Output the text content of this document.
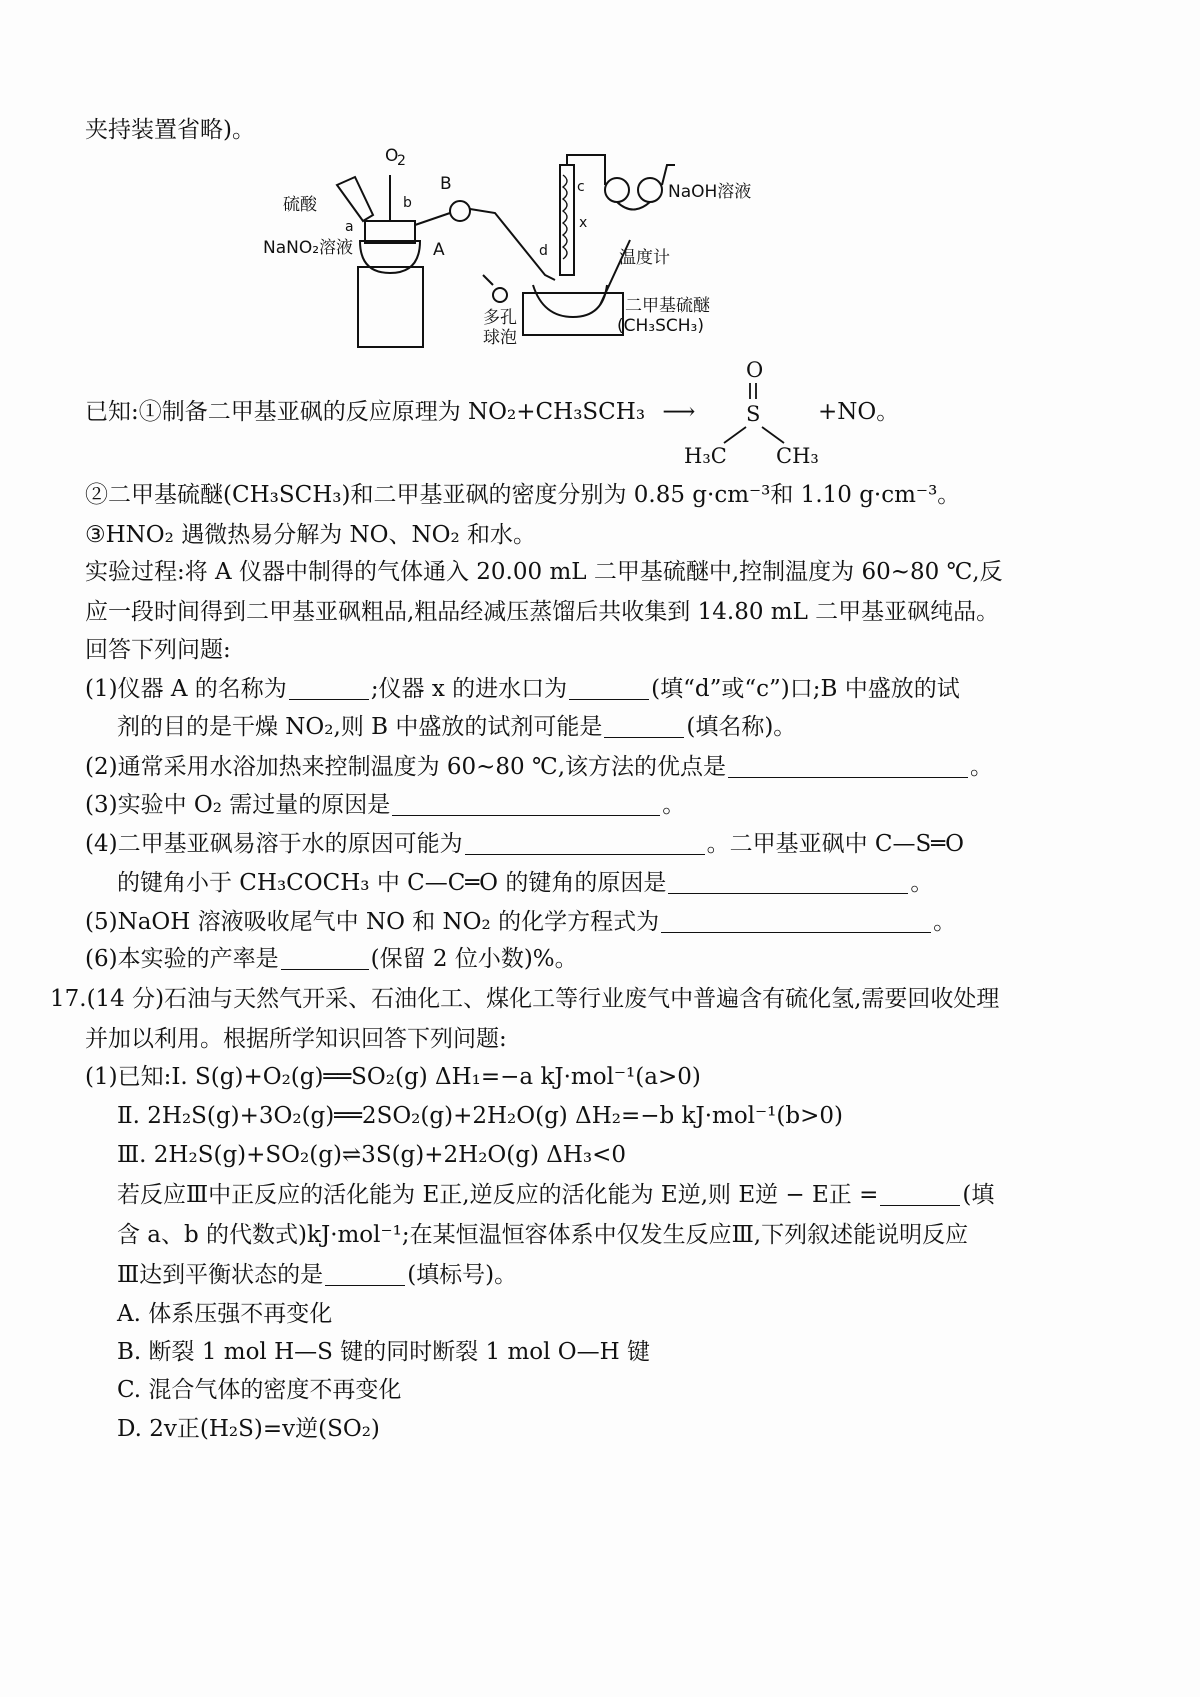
夹持装置省略)。
O
2
硫酸
a
b
A
B
NaNO₂溶液
c
x
d
NaOH溶液
温度计
多孔
球泡
二甲基硫醚
(CH₃SCH₃)
已知:①制备二甲基亚砜的反应原理为 NO₂+CH₃SCH₃ ⟶
O
S
H₃C CH₃
+NO。
②二甲基硫醚(CH₃SCH₃)和二甲基亚砜的密度分别为 0.85 g·cm⁻³和 1.10 g·cm⁻³。
③HNO₂ 遇微热易分解为 NO、NO₂ 和水。
实验过程:将 A 仪器中制得的气体通入 20.00 mL 二甲基硫醚中,控制温度为 60~80 ℃,反
应一段时间得到二甲基亚砜粗品,粗品经减压蒸馏后共收集到 14.80 mL 二甲基亚砜纯品。
回答下列问题:
(1)仪器 A 的名称为	;仪器 x 的进水口为	(填“d”或“c”)口;B 中盛放的试
剂的目的是干燥 NO₂,则 B 中盛放的试剂可能是	(填名称)。
(2)通常采用水浴加热来控制温度为 60~80 ℃,该方法的优点是	。
(3)实验中 O₂ 需过量的原因是	。
(4)二甲基亚砜易溶于水的原因可能为	。二甲基亚砜中 C—S═O
的键角小于 CH₃COCH₃ 中 C—C═O 的键角的原因是	。
(5)NaOH 溶液吸收尾气中 NO 和 NO₂ 的化学方程式为	。
(6)本实验的产率是	(保留 2 位小数)%。
17.(14 分)石油与天然气开采、石油化工、煤化工等行业废气中普遍含有硫化氢,需要回收处理
并加以利用。根据所学知识回答下列问题:
(1)已知:Ⅰ. S(g)+O₂(g)══SO₂(g) ΔH₁=−a kJ·mol⁻¹(a>0)
Ⅱ. 2H₂S(g)+3O₂(g)══2SO₂(g)+2H₂O(g) ΔH₂=−b kJ·mol⁻¹(b>0)
Ⅲ. 2H₂S(g)+SO₂(g)⇌3S(g)+2H₂O(g) ΔH₃<0
若反应Ⅲ中正反应的活化能为 E正,逆反应的活化能为 E逆,则 E逆 − E正 =	(填
含 a、b 的代数式)kJ·mol⁻¹;在某恒温恒容体系中仅发生反应Ⅲ,下列叙述能说明反应
Ⅲ达到平衡状态的是	(填标号)。
A. 体系压强不再变化
B. 断裂 1 mol H—S 键的同时断裂 1 mol O—H 键
C. 混合气体的密度不再变化
D. 2v正(H₂S)=v逆(SO₂)
